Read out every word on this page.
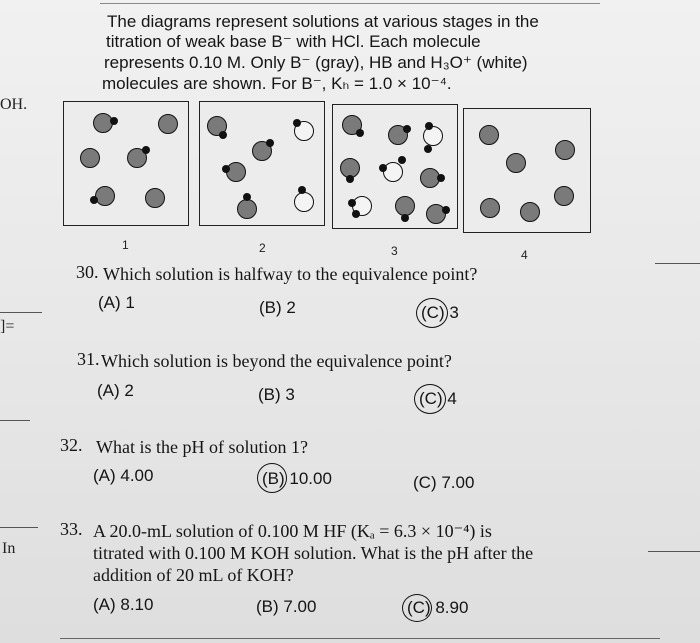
OH.
]=
In
The diagrams represent solutions at various stages in the
titration of weak base B⁻ with HCl. Each molecule
represents 0.10 M. Only B⁻ (gray), HB and H₃O⁺ (white)
molecules are shown. For B⁻, Kₕ = 1.0 × 10⁻⁴.
1	2	3	4
30. Which solution is halfway to the equivalence point?
(A) 1	(B) 2	(C) 3
31. Which solution is beyond the equivalence point?
(A) 2	(B) 3	(C) 4
32. What is the pH of solution 1?
(A) 4.00	(B) 10.00	(C) 7.00
33. A 20.0-mL solution of 0.100 M HF (Kₐ = 6.3 × 10⁻⁴) is
titrated with 0.100 M KOH solution. What is the pH after the
addition of 20 mL of KOH?
(A) 8.10	(B) 7.00	(C) 8.90
